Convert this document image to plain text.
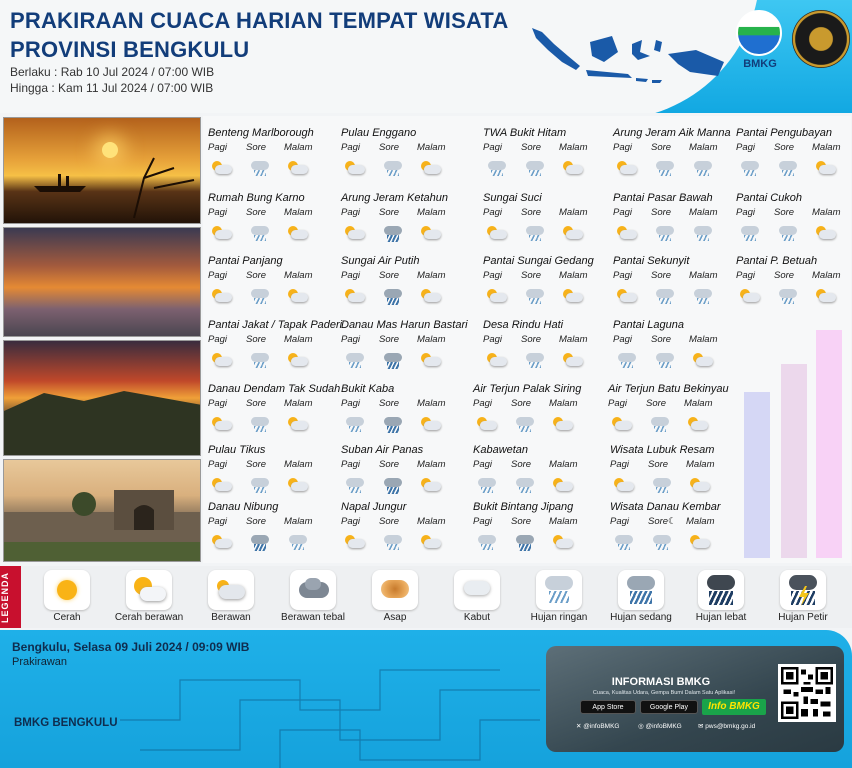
PRAKIRAAN CUACA HARIAN TEMPAT WISATA
PROVINSI BENGKULU
Berlaku : Rab 10 Jul 2024 / 07:00 WIB
Hingga : Kam 11 Jul 2024 / 07:00 WIB
BMKG
Benteng Marlborough
Pagi	Sore	Malam
Pulau Enggano
Pagi	Sore	Malam
TWA Bukit Hitam
Pagi	Sore	Malam
Arung Jeram Aik Manna
Pagi	Sore	Malam
Pantai Pengubayan
Pagi	Sore	Malam
Rumah Bung Karno
Pagi	Sore	Malam
Arung Jeram Ketahun
Pagi	Sore	Malam
Sungai Suci
Pagi	Sore	Malam
Pantai Pasar Bawah
Pagi	Sore	Malam
Pantai Cukoh
Pagi	Sore	Malam
Pantai Panjang
Pagi	Sore	Malam
Sungai Air Putih
Pagi	Sore	Malam
Pantai Sungai Gedang
Pagi	Sore	Malam
Pantai Sekunyit
Pagi	Sore	Malam
Pantai P. Betuah
Pagi	Sore	Malam
Pantai Jakat / Tapak Paderi
Pagi	Sore	Malam
Danau Mas Harun Bastari
Pagi	Sore	Malam
Desa Rindu Hati
Pagi	Sore	Malam
Pantai Laguna
Pagi	Sore	Malam
Danau Dendam Tak Sudah
Pagi	Sore	Malam
Bukit Kaba
Pagi	Sore	Malam
Air Terjun Palak Siring
Pagi	Sore	Malam
Air Terjun Batu Bekinyau
Pagi	Sore	Malam
Pulau Tikus
Pagi	Sore	Malam
Suban Air Panas
Pagi	Sore	Malam
Kabawetan
Pagi	Sore	Malam
Wisata Lubuk Resam
Pagi	Sore	Malam
Danau Nibung
Pagi	Sore	Malam
Napal Jungur
Pagi	Sore	Malam
Bukit Bintang Jipang
Pagi	Sore	Malam
Wisata Danau Kembar
Pagi	Sore☾ Malam
LEGENDA	Cerah	Cerah berawan	Berawan	Berawan tebal	Asap	Kabut	Hujan ringan	Hujan sedang	Hujan lebat	Hujan Petir
Bengkulu, Selasa 09 Juli 2024 / 09:09 WIB
Prakirawan
BMKG BENGKULU
INFORMASI BMKG
Cuaca, Kualitas Udara, Gempa Bumi Dalam Satu Aplikasi!
App Store	Google Play	Info BMKG
✕ @infoBMKG	◎ @infoBMKG	✉ pws@bmkg.go.id
